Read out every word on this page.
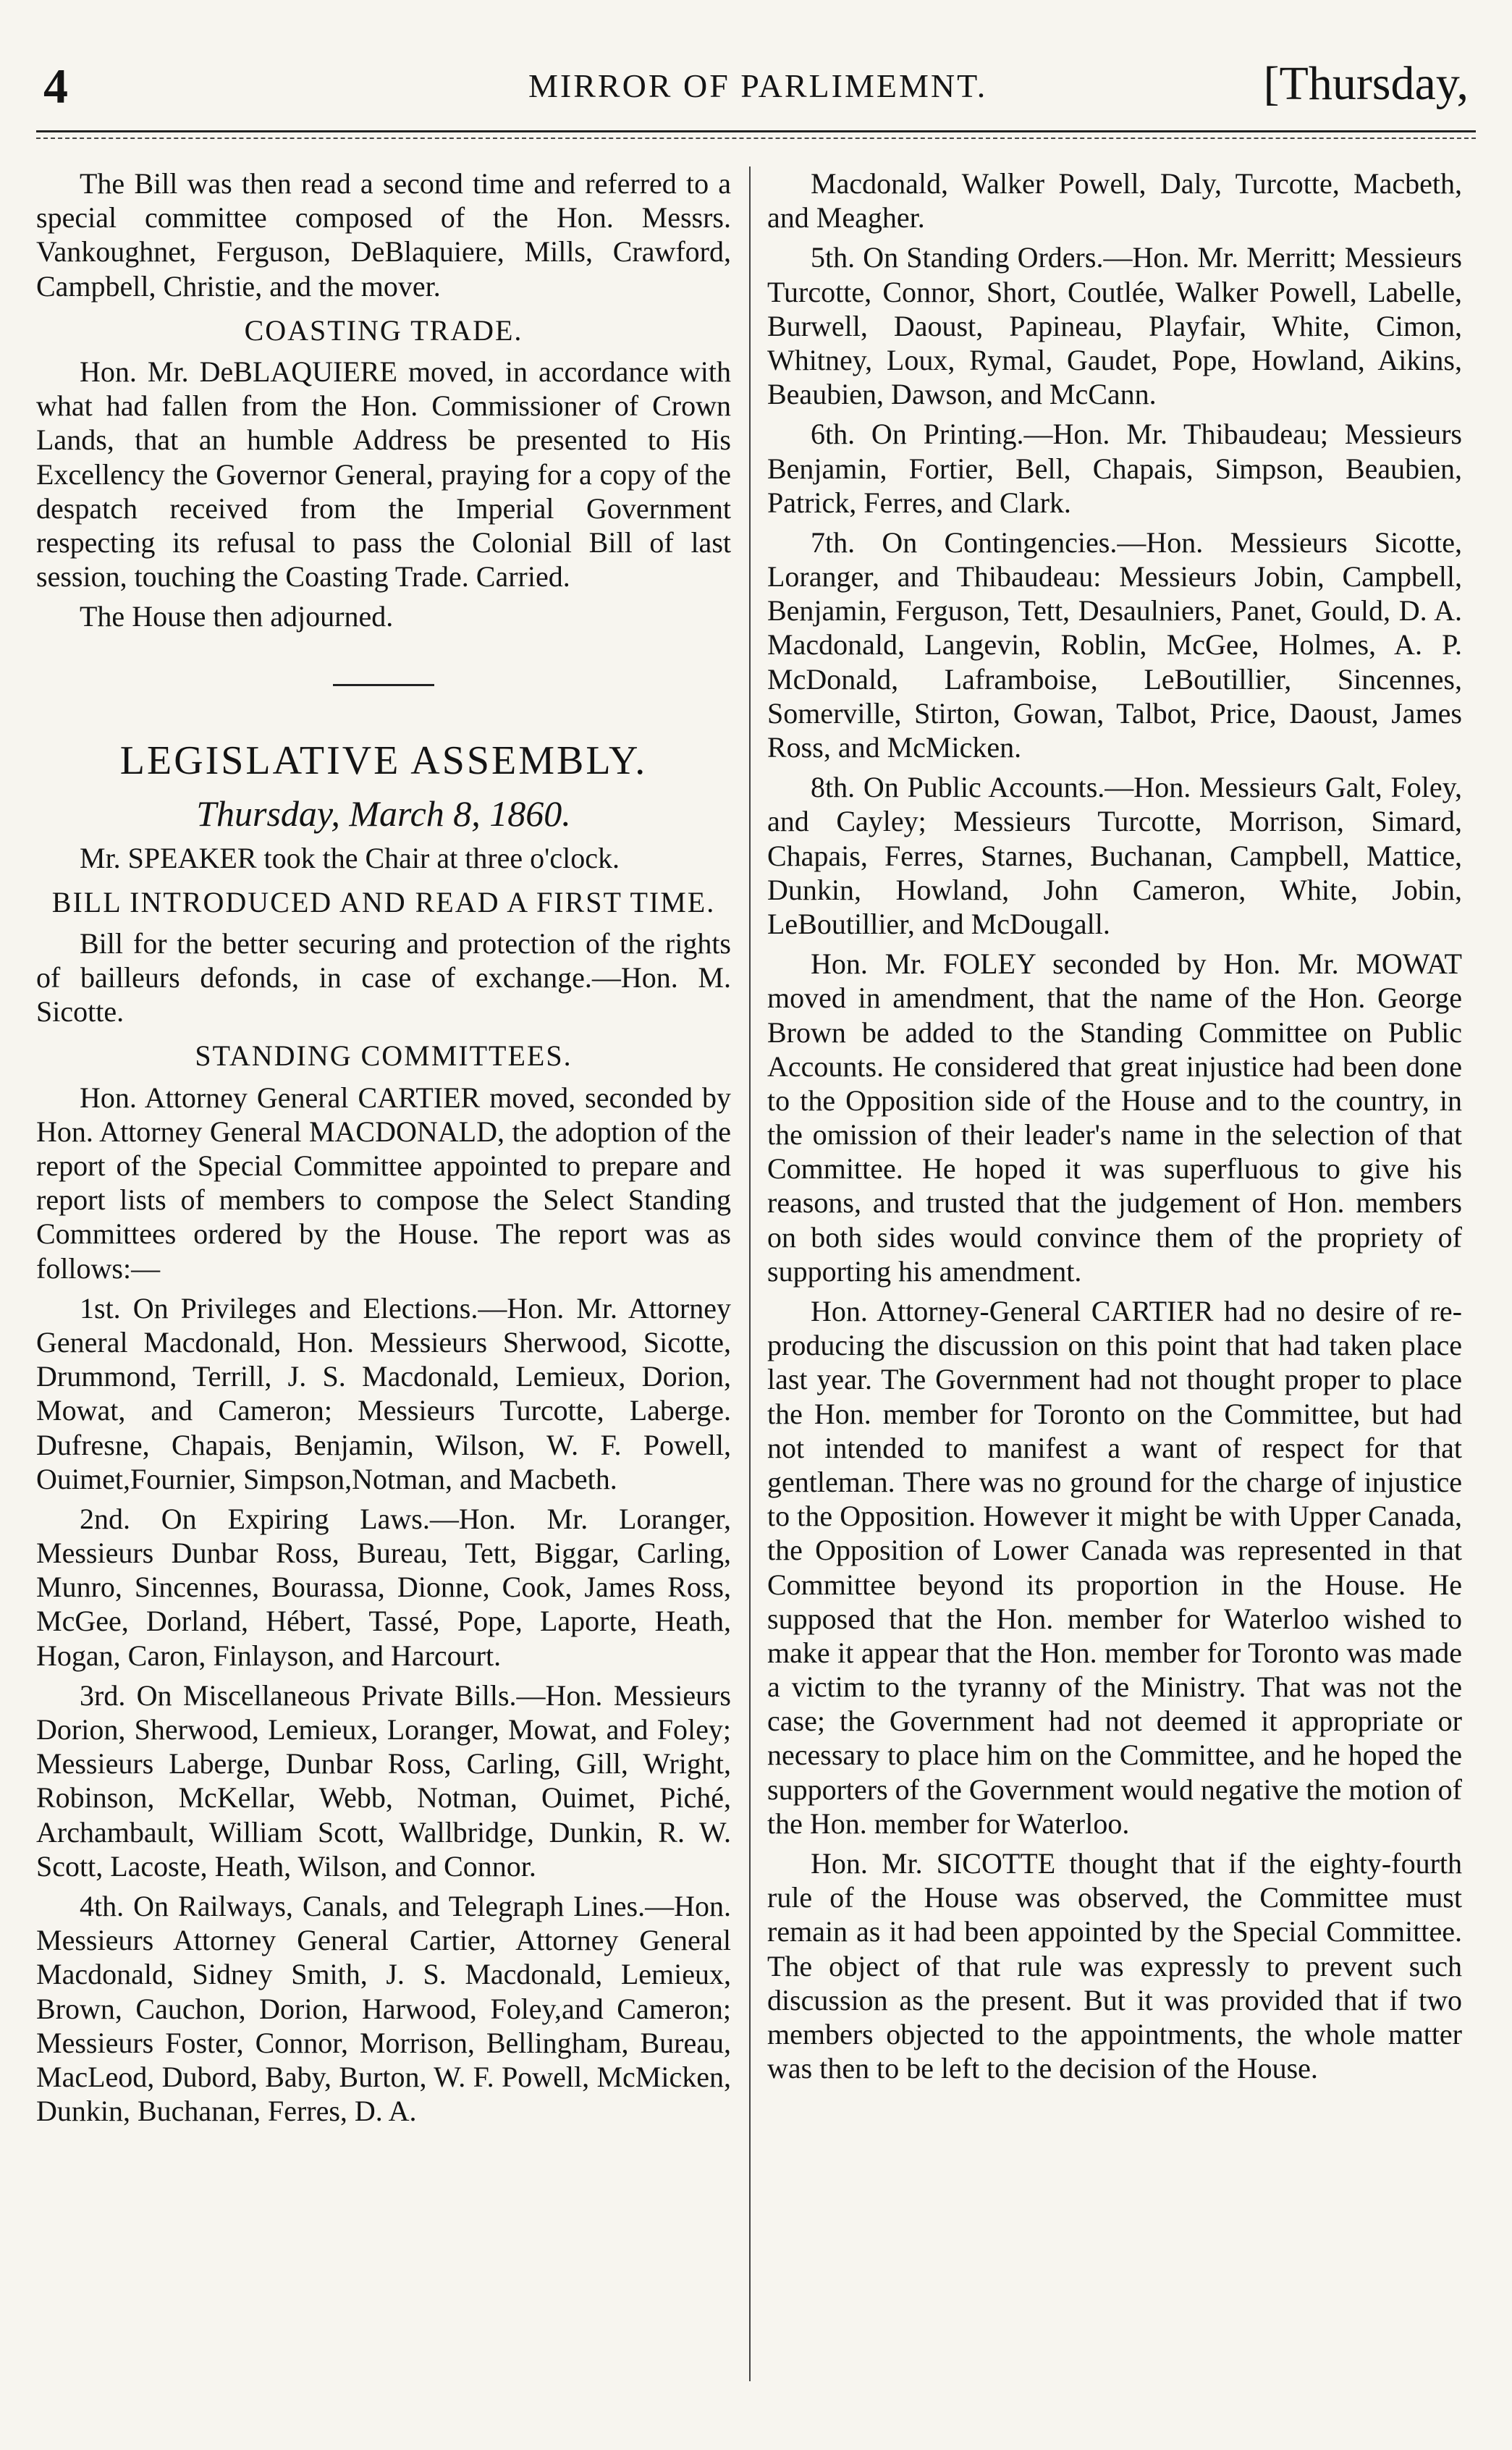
4	MIRROR OF PARLIMEMNT.	[Thursday,

The Bill was then read a second time and referred to a special committee composed of the Hon. Messrs. Vankoughnet, Ferguson, DeBlaquiere, Mills, Crawford, Campbell, Christie, and the mover.

COASTING TRADE.

Hon. Mr. DeBLAQUIERE moved, in accordance with what had fallen from the Hon. Commissioner of Crown Lands, that an humble Address be presented to His Excellency the Governor General, praying for a copy of the despatch received from the Imperial Government respecting its refusal to pass the Colonial Bill of last session, touching the Coasting Trade. Carried.

The House then adjourned.

LEGISLATIVE ASSEMBLY.

Thursday, March 8, 1860.

Mr. SPEAKER took the Chair at three o'clock.

BILL INTRODUCED AND READ A FIRST TIME.

Bill for the better securing and protection of the rights of bailleurs defonds, in case of exchange.—Hon. M. Sicotte.

STANDING COMMITTEES.

Hon. Attorney General CARTIER moved, seconded by Hon. Attorney General MACDONALD, the adoption of the report of the Special Committee appointed to prepare and report lists of members to compose the Select Standing Committees ordered by the House. The report was as follows:—

1st. On Privileges and Elections.—Hon. Mr. Attorney General Macdonald, Hon. Messieurs Sherwood, Sicotte, Drummond, Terrill, J. S. Macdonald, Lemieux, Dorion, Mowat, and Cameron; Messieurs Turcotte, Laberge. Dufresne, Chapais, Benjamin, Wilson, W. F. Powell, Ouimet,Fournier, Simpson,Notman, and Macbeth.

2nd. On Expiring Laws.—Hon. Mr. Loranger, Messieurs Dunbar Ross, Bureau, Tett, Biggar, Carling, Munro, Sincennes, Bourassa, Dionne, Cook, James Ross, McGee, Dorland, Hébert, Tassé, Pope, Laporte, Heath, Hogan, Caron, Finlayson, and Harcourt.

3rd. On Miscellaneous Private Bills.—Hon. Messieurs Dorion, Sherwood, Lemieux, Loranger, Mowat, and Foley; Messieurs Laberge, Dunbar Ross, Carling, Gill, Wright, Robinson, McKellar, Webb, Notman, Ouimet, Piché, Archambault, William Scott, Wallbridge, Dunkin, R. W. Scott, Lacoste, Heath, Wilson, and Connor.

4th. On Railways, Canals, and Telegraph Lines.—Hon. Messieurs Attorney General Cartier, Attorney General Macdonald, Sidney Smith, J. S. Macdonald, Lemieux, Brown, Cauchon, Dorion, Harwood, Foley,and Cameron; Messieurs Foster, Connor, Morrison, Bellingham, Bureau, MacLeod, Dubord, Baby, Burton, W. F. Powell, McMicken, Dunkin, Buchanan, Ferres, D. A.

Macdonald, Walker Powell, Daly, Turcotte, Macbeth, and Meagher.

5th. On Standing Orders.—Hon. Mr. Merritt; Messieurs Turcotte, Connor, Short, Coutlée, Walker Powell, Labelle, Burwell, Daoust, Papineau, Playfair, White, Cimon, Whitney, Loux, Rymal, Gaudet, Pope, Howland, Aikins, Beaubien, Dawson, and McCann.

6th. On Printing.—Hon. Mr. Thibaudeau; Messieurs Benjamin, Fortier, Bell, Chapais, Simpson, Beaubien, Patrick, Ferres, and Clark.

7th. On Contingencies.—Hon. Messieurs Sicotte, Loranger, and Thibaudeau: Messieurs Jobin, Campbell, Benjamin, Ferguson, Tett, Desaulniers, Panet, Gould, D. A. Macdonald, Langevin, Roblin, McGee, Holmes, A. P. McDonald, Laframboise, LeBoutillier, Sincennes, Somerville, Stirton, Gowan, Talbot, Price, Daoust, James Ross, and McMicken.

8th. On Public Accounts.—Hon. Messieurs Galt, Foley, and Cayley; Messieurs Turcotte, Morrison, Simard, Chapais, Ferres, Starnes, Buchanan, Campbell, Mattice, Dunkin, Howland, John Cameron, White, Jobin, LeBoutillier, and McDougall.

Hon. Mr. FOLEY seconded by Hon. Mr. MOWAT moved in amendment, that the name of the Hon. George Brown be added to the Standing Committee on Public Accounts. He considered that great injustice had been done to the Opposition side of the House and to the country, in the omission of their leader's name in the selection of that Committee. He hoped it was superfluous to give his reasons, and trusted that the judgement of Hon. members on both sides would convince them of the propriety of supporting his amendment.

Hon. Attorney-General CARTIER had no desire of re-producing the discussion on this point that had taken place last year. The Government had not thought proper to place the Hon. member for Toronto on the Committee, but had not intended to manifest a want of respect for that gentleman. There was no ground for the charge of injustice to the Opposition. However it might be with Upper Canada, the Opposition of Lower Canada was represented in that Committee beyond its proportion in the House. He supposed that the Hon. member for Waterloo wished to make it appear that the Hon. member for Toronto was made a victim to the tyranny of the Ministry. That was not the case; the Government had not deemed it appropriate or necessary to place him on the Committee, and he hoped the supporters of the Government would negative the motion of the Hon. member for Waterloo.

Hon. Mr. SICOTTE thought that if the eighty-fourth rule of the House was observed, the Committee must remain as it had been appointed by the Special Committee. The object of that rule was expressly to prevent such discussion as the present. But it was provided that if two members objected to the appointments, the whole matter was then to be left to the decision of the House.
